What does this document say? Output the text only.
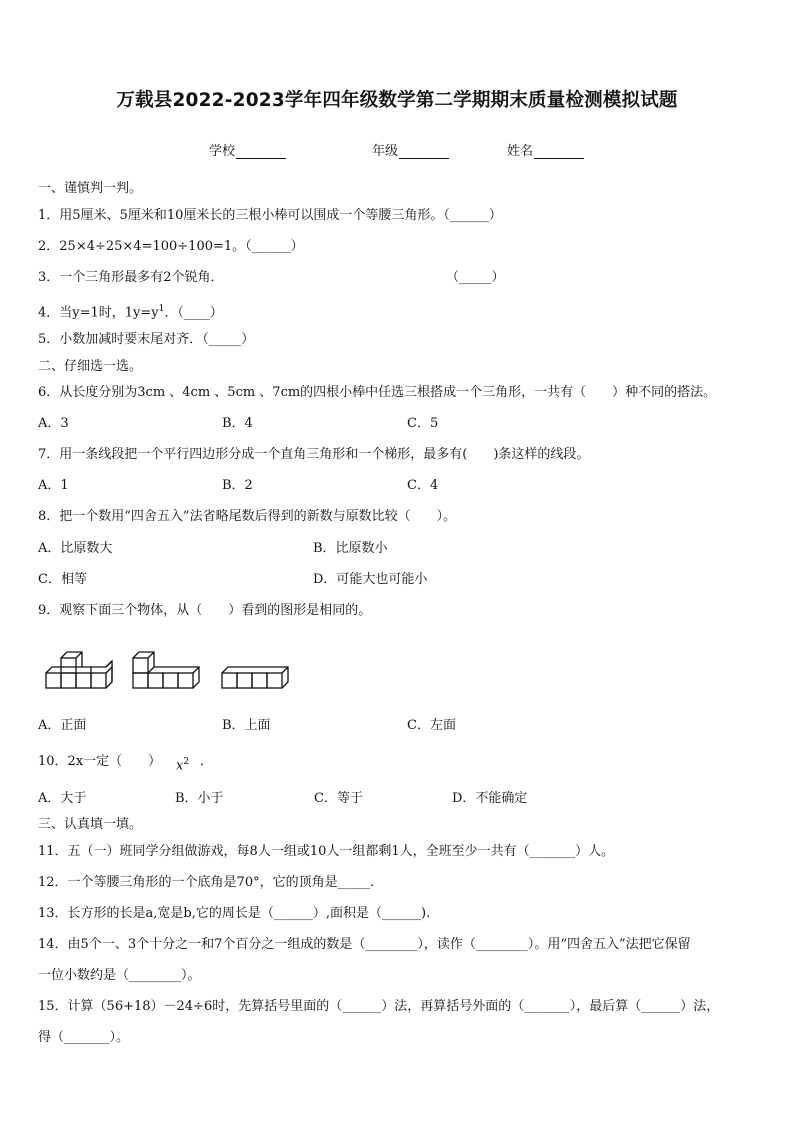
万载县2022-2023学年四年级数学第二学期期末质量检测模拟试题
学校	年级	姓名
一、谨慎判一判。
1．用5厘米、5厘米和10厘米长的三根小棒可以围成一个等腰三角形。（______）
2．25×4÷25×4=100÷100=1。（______）
3．一个三角形最多有2个锐角．	（_____）
4．当y=1时，$1y=y^1$．（____）
5．小数加减时要末尾对齐．（_____）
二、仔细选一选。
6．从长度分别为3cm 、4cm 、5cm 、7cm的四根小棒中任选三根搭成一个三角形，一共有（　　）种不同的搭法。
A．3	B．4	C．5
7．用一条线段把一个平行四边形分成一个直角三角形和一个梯形，最多有(　　)条这样的线段。
A．1	B．2	C．4
8．把一个数用“四舍五入”法省略尾数后得到的新数与原数比较（　　）。
A．比原数大	B．比原数小
C．相等	D．可能大也可能小
9．观察下面三个物体，从（　　）看到的图形是相同的。
A．正面	B．上面	C．左面
10．2x一定（　　） $x^2$ ．
A．大于	B．小于	C．等于	D．不能确定
三、认真填一填。
11．五（一）班同学分组做游戏，每8人一组或10人一组都剩1人，全班至少一共有（_______）人。
12．一个等腰三角形的一个底角是70°，它的顶角是_____.
13．长方形的长是a,宽是b,它的周长是（______）,面积是（______).
14．由5个一、3个十分之一和7个百分之一组成的数是（________），读作（________）。用“四舍五入”法把它保留
一位小数约是（________）。
15．计算（56+18）－24÷6时，先算括号里面的（______）法，再算括号外面的（_______），最后算（______）法，
得（_______）。
